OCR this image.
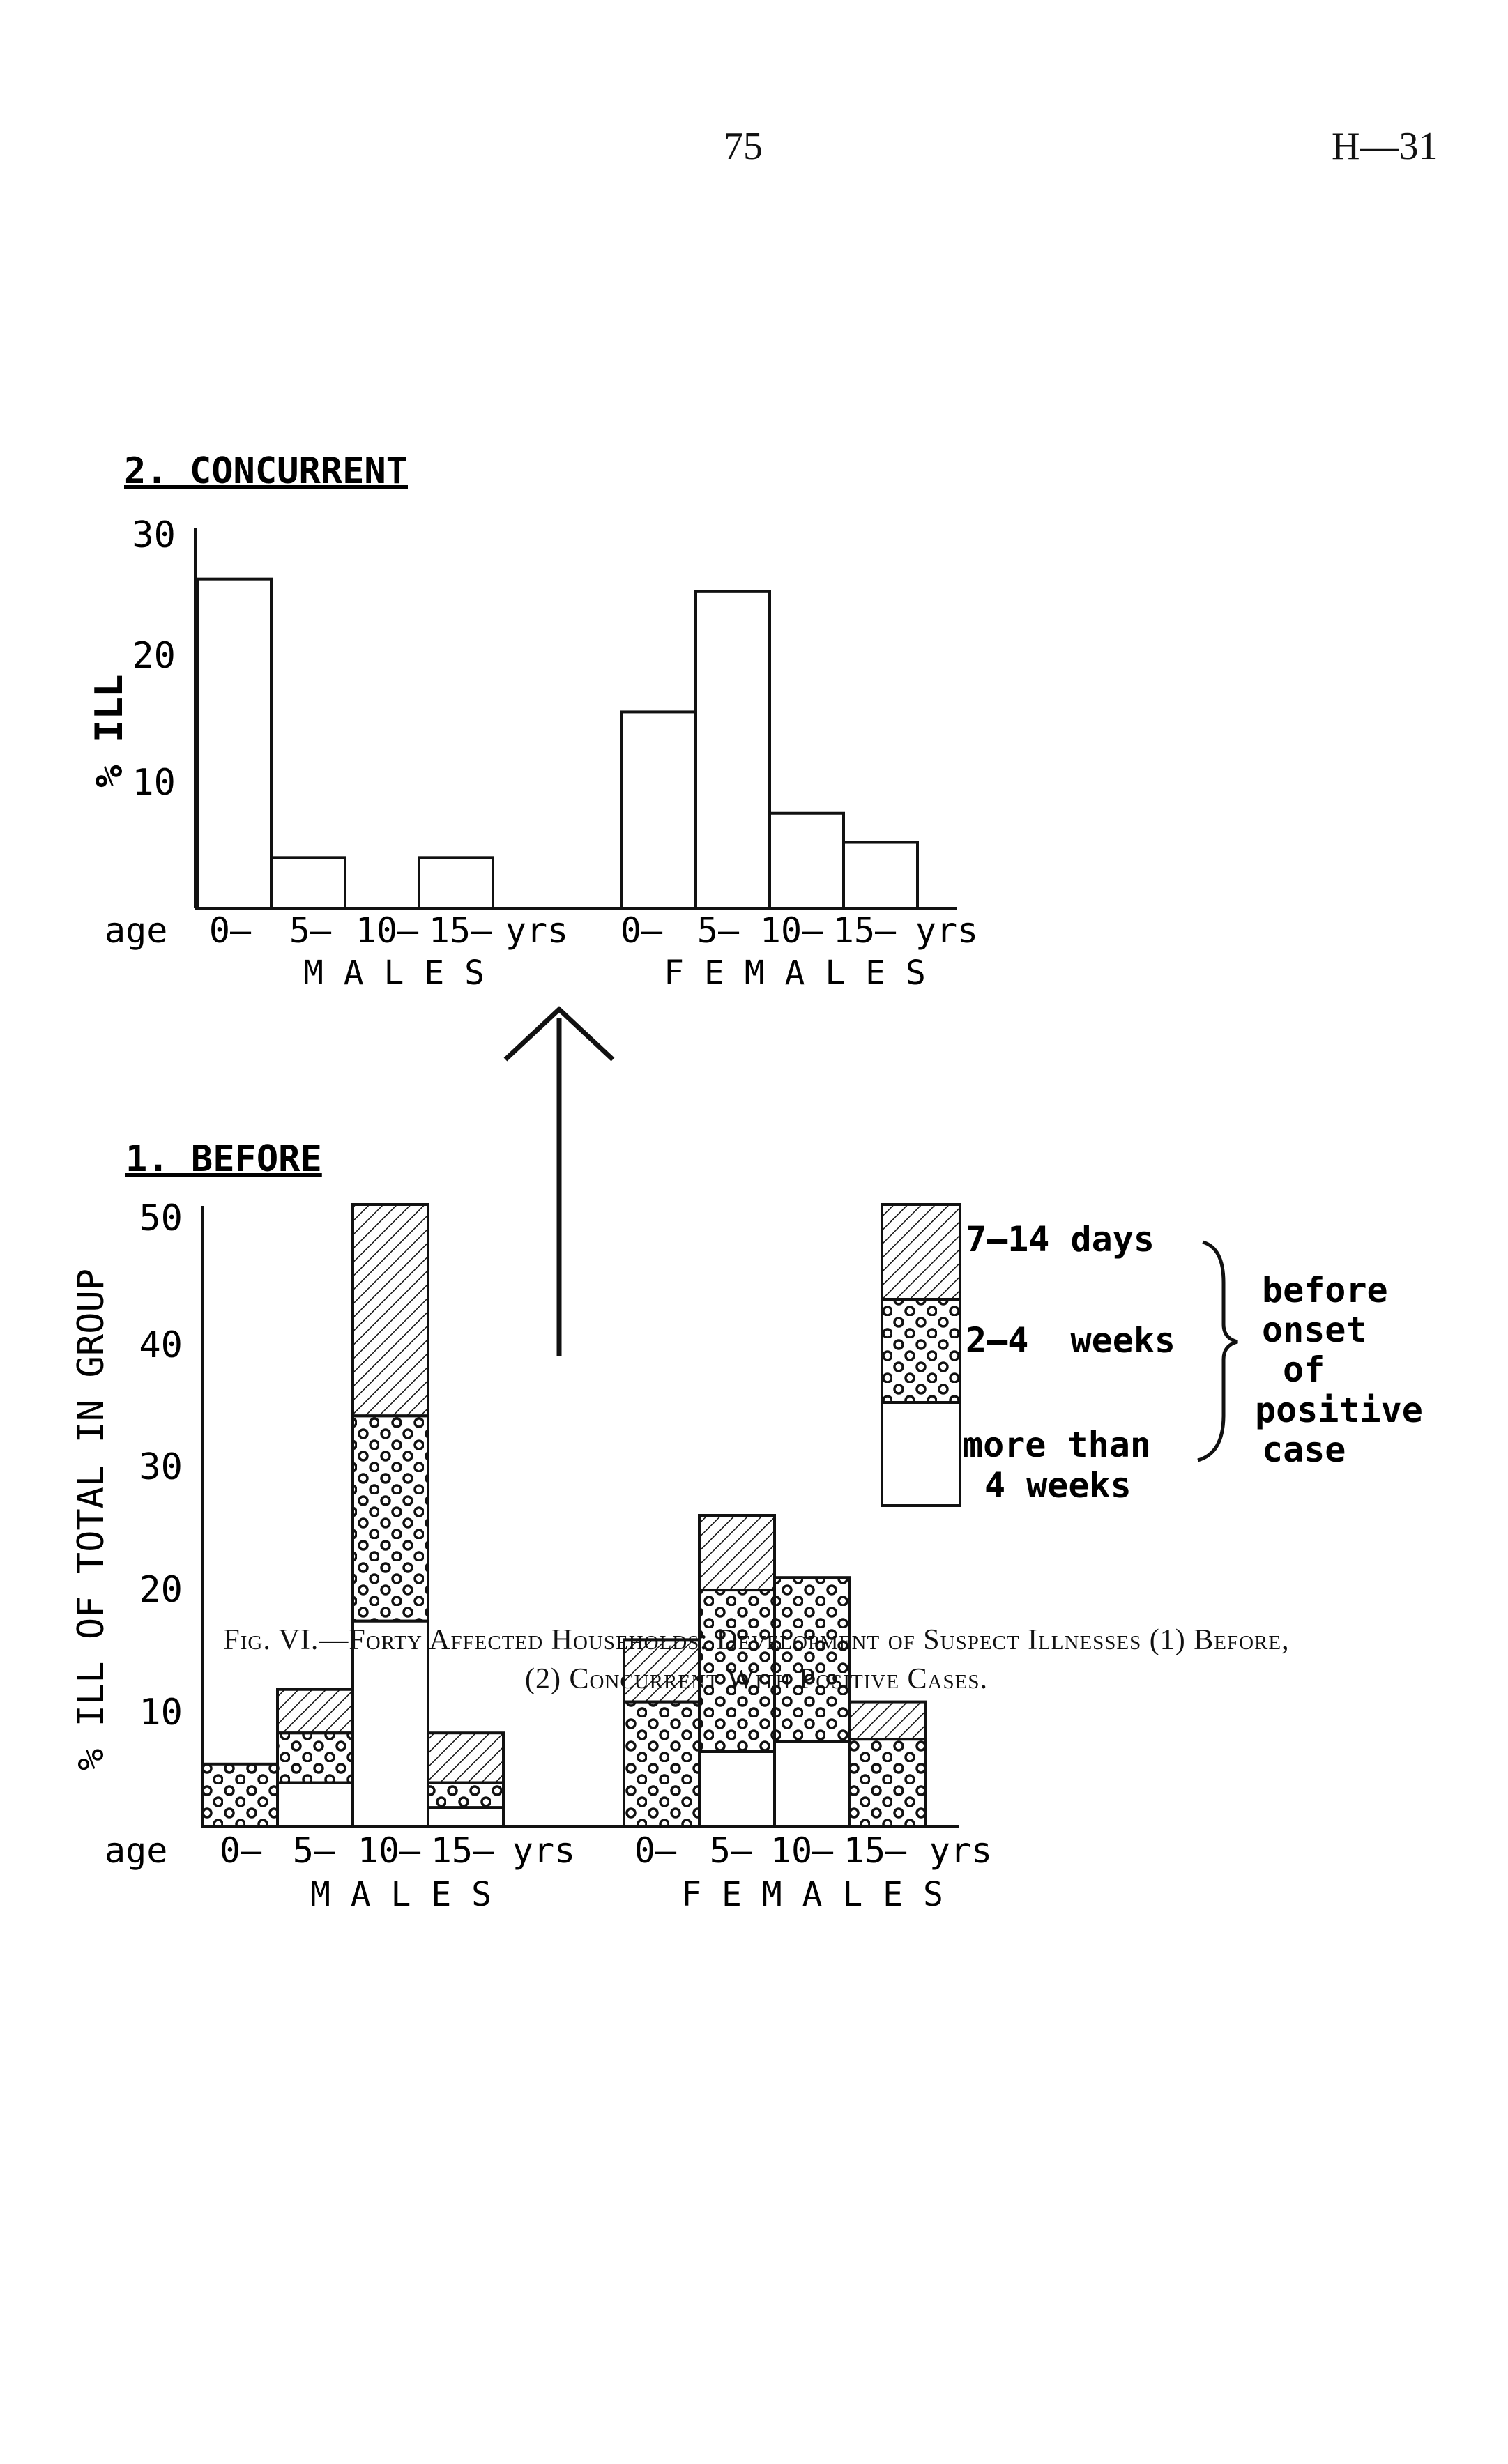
75	H—31
2. CONCURRENT
% ILL
30
20
10
age 0– 5– 10– 15– yrs 0– 5– 10– 15– yrs
M A L E S	F E M A L E S
1. BEFORE
% ILL OF TOTAL IN GROUP
50
40
30
20
10
age 0– 5– 10– 15– yrs 0– 5– 10– 15– yrs
M A L E S	F E M A L E S
7–14 days
2–4  weeks
more than
4 weeks
before
onset
of
positive
case
Fig. VI.—Forty Affected Households: Development of Suspect Illnesses (1) Before,
(2) Concurrent With Positive Cases.
